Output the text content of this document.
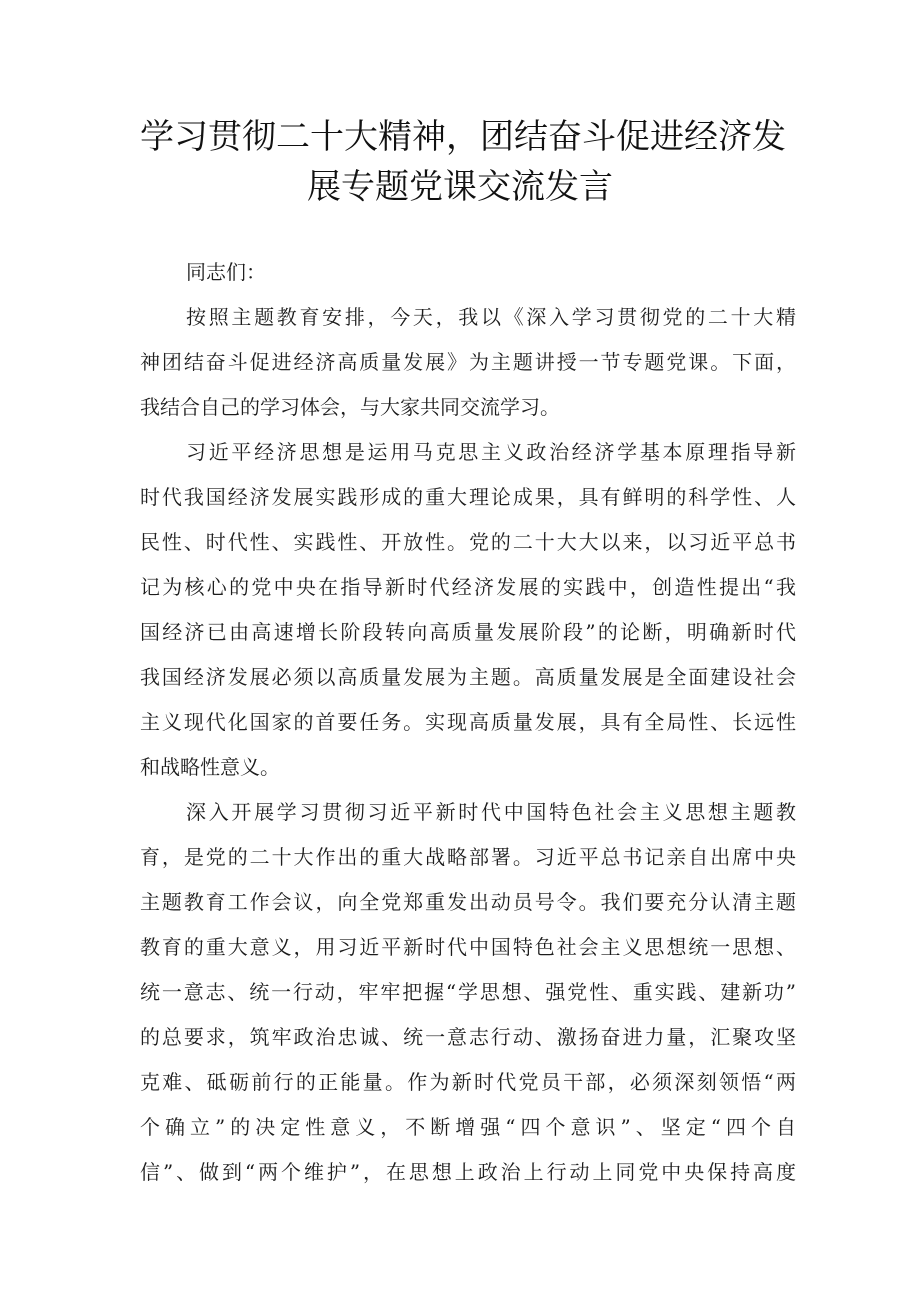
学习贯彻二十大精神，团结奋斗促进经济发
展专题党课交流发言

同志们：

按照主题教育安排，今天，我以《深入学习贯彻党的二十大精
神团结奋斗促进经济高质量发展》为主题讲授一节专题党课。下面，
我结合自己的学习体会，与大家共同交流学习。

习近平经济思想是运用马克思主义政治经济学基本原理指导新
时代我国经济发展实践形成的重大理论成果，具有鲜明的科学性、人
民性、时代性、实践性、开放性。党的二十大大以来，以习近平总书
记为核心的党中央在指导新时代经济发展的实践中，创造性提出“我
国经济已由高速增长阶段转向高质量发展阶段”的论断，明确新时代
我国经济发展必须以高质量发展为主题。高质量发展是全面建设社会
主义现代化国家的首要任务。实现高质量发展，具有全局性、长远性
和战略性意义。

深入开展学习贯彻习近平新时代中国特色社会主义思想主题教
育，是党的二十大作出的重大战略部署。习近平总书记亲自出席中央
主题教育工作会议，向全党郑重发出动员号令。我们要充分认清主题
教育的重大意义，用习近平新时代中国特色社会主义思想统一思想、
统一意志、统一行动，牢牢把握“学思想、强党性、重实践、建新功”
的总要求，筑牢政治忠诚、统一意志行动、激扬奋进力量，汇聚攻坚
克难、砥砺前行的正能量。作为新时代党员干部，必须深刻领悟“两
个确立”的决定性意义，不断增强“四个意识”、坚定“四个自
信”、做到“两个维护”，在思想上政治上行动上同党中央保持高度
